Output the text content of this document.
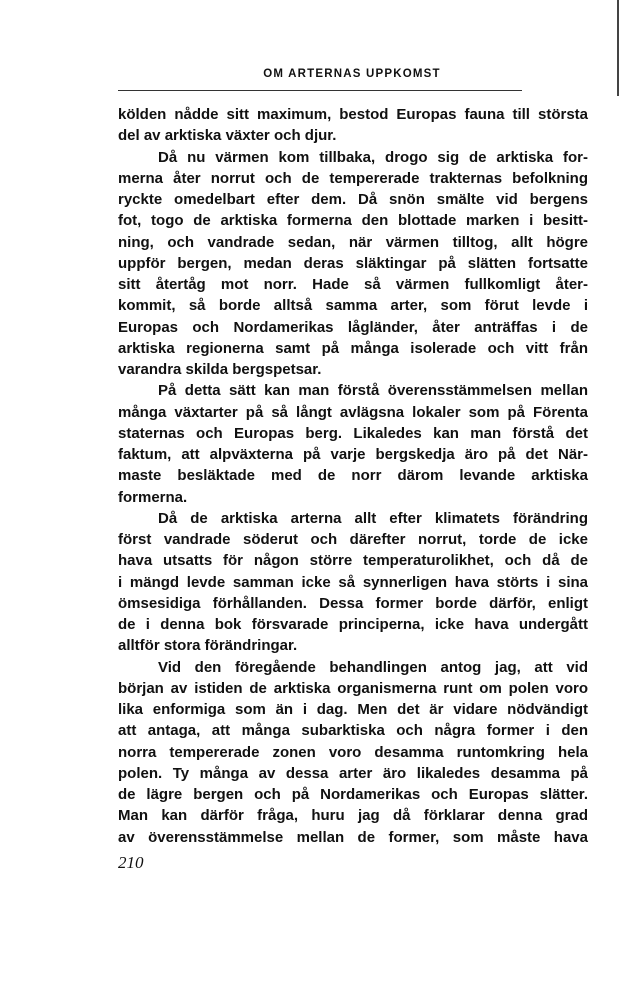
OM ARTERNAS UPPKOMST
kölden nådde sitt maximum, bestod Europas fauna till största
del av arktiska växter och djur.
Då nu värmen kom tillbaka, drogo sig de arktiska for-
merna åter norrut och de tempererade trakternas befolkning
ryckte omedelbart efter dem. Då snön smälte vid bergens
fot, togo de arktiska formerna den blottade marken i besitt-
ning, och vandrade sedan, när värmen tilltog, allt högre
uppför bergen, medan deras släktingar på slätten fortsatte
sitt återtåg mot norr. Hade så värmen fullkomligt åter-
kommit, så borde alltså samma arter, som förut levde i
Europas och Nordamerikas lågländer, åter anträffas i de
arktiska regionerna samt på många isolerade och vitt från
varandra skilda bergspetsar.
På detta sätt kan man förstå överensstämmelsen mellan
många växtarter på så långt avlägsna lokaler som på Förenta
staternas och Europas berg. Likaledes kan man förstå det
faktum, att alpväxterna på varje bergskedja äro på det När-
maste besläktade med de norr därom levande arktiska
formerna.
Då de arktiska arterna allt efter klimatets förändring
först vandrade söderut och därefter norrut, torde de icke
hava utsatts för någon större temperaturolikhet, och då de
i mängd levde samman icke så synnerligen hava störts i sina
ömsesidiga förhållanden. Dessa former borde därför, enligt
de i denna bok försvarade principerna, icke hava undergått
alltför stora förändringar.
Vid den föregående behandlingen antog jag, att vid
början av istiden de arktiska organismerna runt om polen voro
lika enformiga som än i dag. Men det är vidare nödvändigt
att antaga, att många subarktiska och några former i den
norra tempererade zonen voro desamma runtomkring hela
polen. Ty många av dessa arter äro likaledes desamma på
de lägre bergen och på Nordamerikas och Europas slätter.
Man kan därför fråga, huru jag då förklarar denna grad
av överensstämmelse mellan de former, som måste hava
210
